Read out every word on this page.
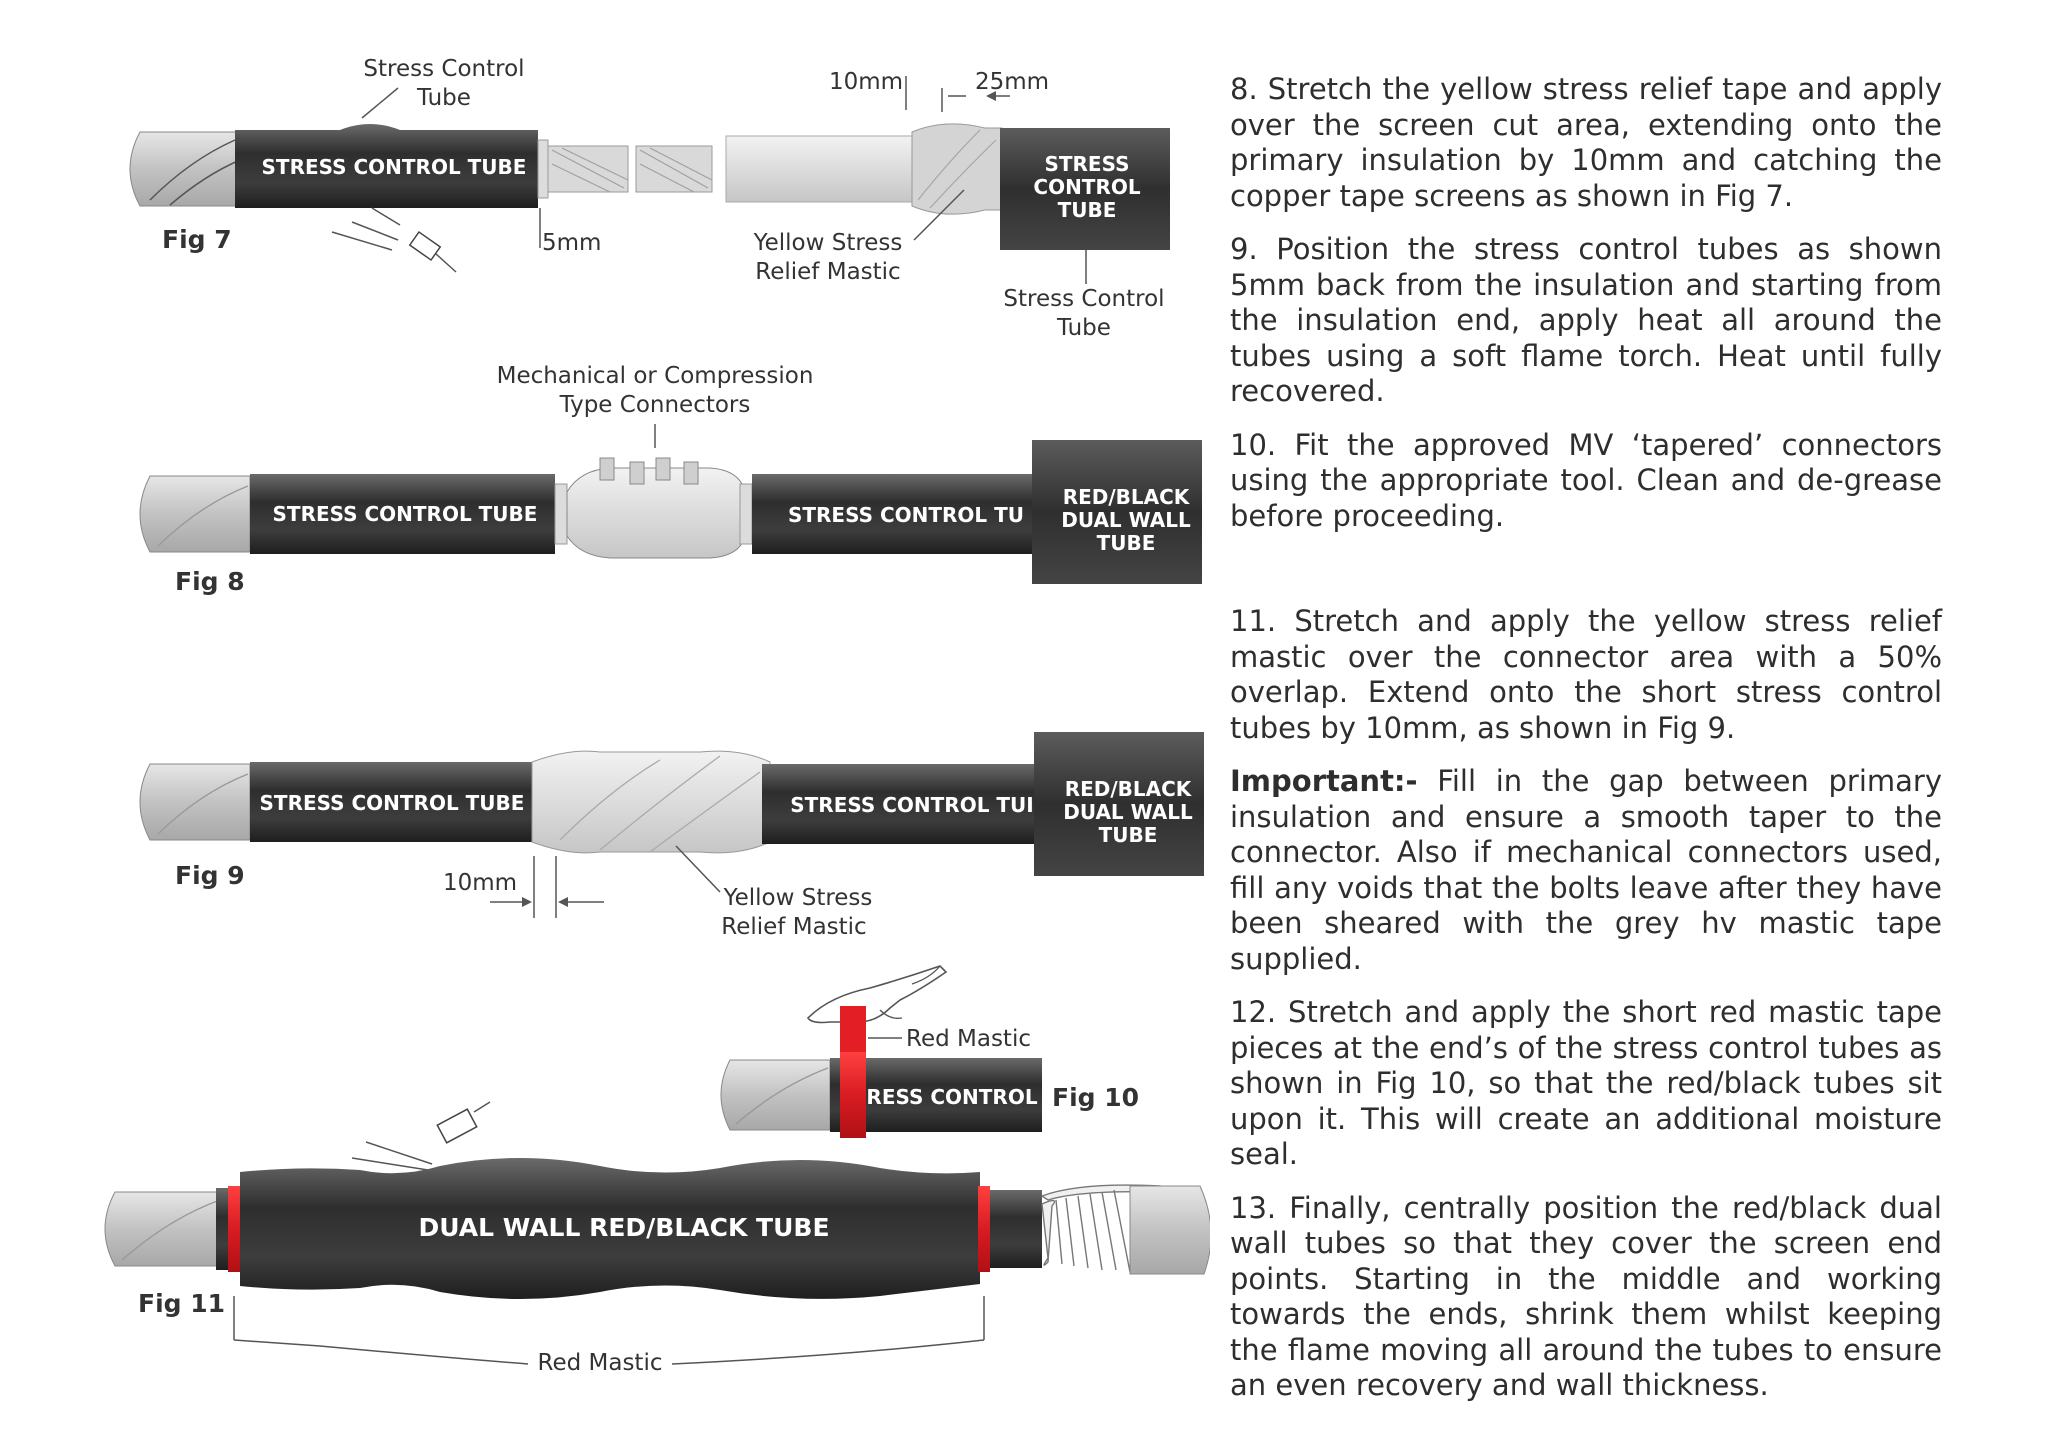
STRESS CONTROL TUBE	STRESS
CONTROL
TUBE
Stress Control
Tube
10mm	25mm
5mm	Yellow Stress
Relief Mastic
Stress Control
Tube
Fig 7
Mechanical or Compression
Type Connectors
STRESS CONTROL TUBE	STRESS CONTROL TU
RED/BLACK
DUAL WALL
TUBE
Fig 8
STRESS CONTROL TUBE	STRESS CONTROL TUI
RED/BLACK
DUAL WALL
TUBE
Fig 9	10mm
Yellow Stress
Relief Mastic
RESS CONTROL
Red Mastic
Fig 10
DUAL WALL RED/BLACK TUBE
Fig 11
Red Mastic

8. Stretch the yellow stress relief tape and apply over the screen cut area, extending onto the primary insulation by 10mm and catching the copper tape screens as shown in Fig 7.

9. Position the stress control tubes as shown 5mm back from the insulation and starting from the insulation end, apply heat all around the tubes using a soft flame torch. Heat until fully recovered.

10. Fit the approved MV ‘tapered’ connectors using the appropriate tool. Clean and de-grease before proceeding.

11. Stretch and apply the yellow stress relief mastic over the connector area with a 50% overlap. Extend onto the short stress control tubes by 10mm, as shown in Fig 9.

Important:- Fill in the gap between primary insulation and ensure a smooth taper to the connector. Also if mechanical connectors used, fill any voids that the bolts leave after they have been sheared with the grey hv mastic tape supplied.

12. Stretch and apply the short red mastic tape pieces at the end’s of the stress control tubes as shown in Fig 10, so that the red/black tubes sit upon it. This will create an additional moisture seal.

13. Finally, centrally position the red/black dual wall tubes so that they cover the screen end points. Starting in the middle and working towards the ends, shrink them whilst keeping the flame moving all around the tubes to ensure an even recovery and wall thickness.
